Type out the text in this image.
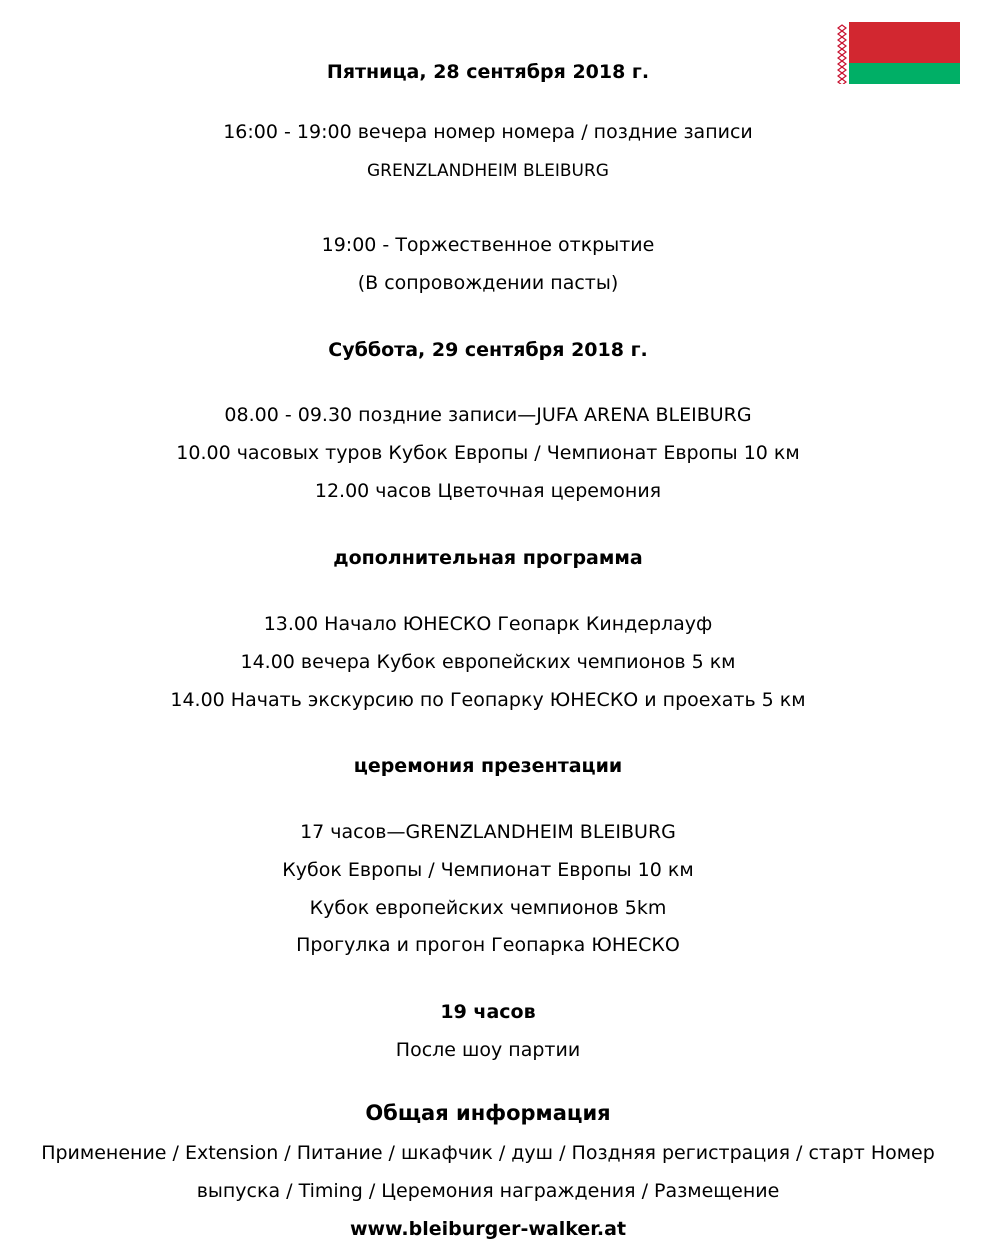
Пятница, 28 сентября 2018 г.
16:00 - 19:00 вечера номер номера / поздние записи
GRENZLANDHEIM BLEIBURG
19:00 - Торжественное открытие
(В сопровождении пасты)
Суббота, 29 сентября 2018 г.
08.00 - 09.30 поздние записи—JUFA ARENA BLEIBURG
10.00 часовых туров Кубок Европы / Чемпионат Европы 10 км
12.00 часов Цветочная церемония
дополнительная программа
13.00 Начало ЮНЕСКО Геопарк Киндерлауф
14.00 вечера Кубок европейских чемпионов 5 км
14.00 Начать экскурсию по Геопарку ЮНЕСКО и проехать 5 км
церемония презентации
17 часов—GRENZLANDHEIM BLEIBURG
Кубок Европы / Чемпионат Европы 10 км
Кубок европейских чемпионов 5km
Прогулка и прогон Геопарка ЮНЕСКО
19 часов
После шоу партии
Общая информация
Применение / Extension / Питание / шкафчик / душ / Поздняя регистрация / старт Номер
выпуска / Timing / Церемония награждения / Размещение
www.bleiburger-walker.at
